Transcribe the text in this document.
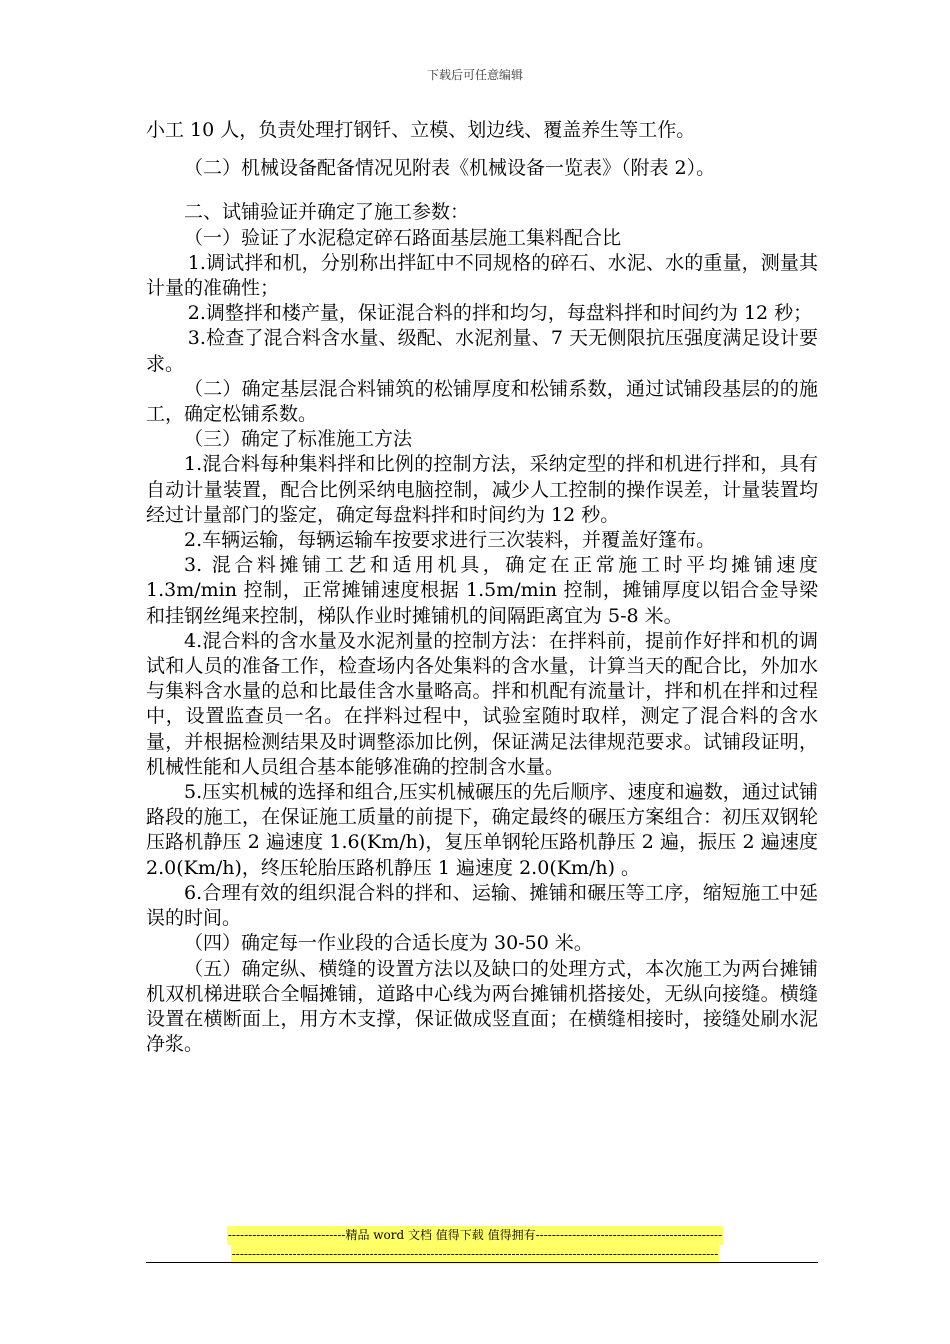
下载后可任意编辑

小工 10 人，负责处理打钢钎、立模、划边线、覆盖养生等工作。

（二）机械设备配备情况见附表《机械设备一览表》（附表 2）。

二、试铺验证并确定了施工参数：

（一）验证了水泥稳定碎石路面基层施工集料配合比

1.调试拌和机，分别称出拌缸中不同规格的碎石、水泥、水的重量，测量其计量的准确性；

2.调整拌和楼产量，保证混合料的拌和均匀，每盘料拌和时间约为 12 秒；

3.检查了混合料含水量、级配、水泥剂量、7 天无侧限抗压强度满足设计要求。

（二）确定基层混合料铺筑的松铺厚度和松铺系数，通过试铺段基层的的施工，确定松铺系数。

（三）确定了标准施工方法

1.混合料每种集料拌和比例的控制方法，采纳定型的拌和机进行拌和，具有自动计量装置，配合比例采纳电脑控制，减少人工控制的操作误差，计量装置均经过计量部门的鉴定，确定每盘料拌和时间约为 12 秒。

2.车辆运输，每辆运输车按要求进行三次装料，并覆盖好篷布。

3. 混合料摊铺工艺和适用机具，确定在正常施工时平均摊铺速度 1.3m/min 控制，正常摊铺速度根据 1.5m/min 控制，摊铺厚度以铝合金导梁和挂钢丝绳来控制，梯队作业时摊铺机的间隔距离宜为 5-8 米。

4.混合料的含水量及水泥剂量的控制方法：在拌料前，提前作好拌和机的调试和人员的准备工作，检查场内各处集料的含水量，计算当天的配合比，外加水与集料含水量的总和比最佳含水量略高。拌和机配有流量计，拌和机在拌和过程中，设置监查员一名。在拌料过程中，试验室随时取样，测定了混合料的含水量，并根据检测结果及时调整添加比例，保证满足法律规范要求。试铺段证明，机械性能和人员组合基本能够准确的控制含水量。

5.压实机械的选择和组合,压实机械碾压的先后顺序、速度和遍数，通过试铺路段的施工，在保证施工质量的前提下，确定最终的碾压方案组合：初压双钢轮压路机静压 2 遍速度 1.6(Km/h)，复压单钢轮压路机静压 2 遍，振压 2 遍速度 2.0(Km/h)，终压轮胎压路机静压 1 遍速度 2.0(Km/h) 。

6.合理有效的组织混合料的拌和、运输、摊铺和碾压等工序，缩短施工中延误的时间。

（四）确定每一作业段的合适长度为 30-50 米。

（五）确定纵、横缝的设置方法以及缺口的处理方式，本次施工为两台摊铺机双机梯进联合全幅摊铺，道路中心线为两台摊铺机搭接处，无纵向接缝。横缝设置在横断面上，用方木支撑，保证做成竖直面；在横缝相接时，接缝处刷水泥净浆。

-----------------------------精品 word 文档 值得下载 值得拥有----------------------------------------------
------------------------------------------------------------------------------------------------------------------------
